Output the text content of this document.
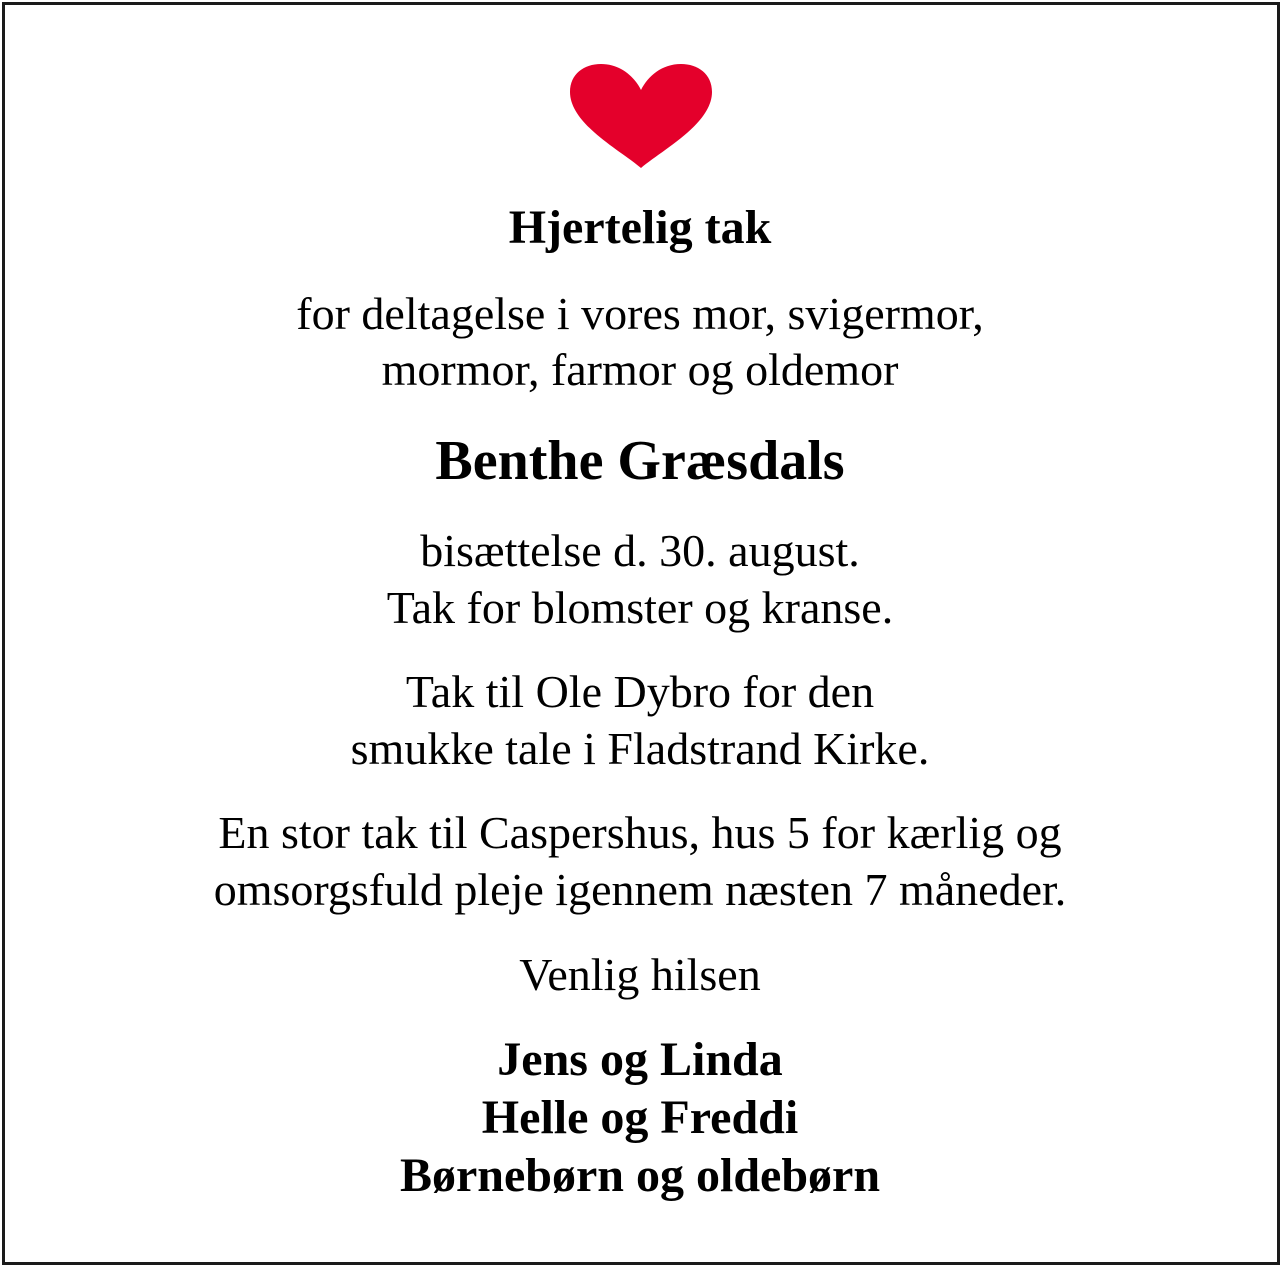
Hjertelig tak
for deltagelse i vores mor, svigermor,
mormor, farmor og oldemor
Benthe Græsdals
bisættelse d. 30. august.
Tak for blomster og kranse.
Tak til Ole Dybro for den
smukke tale i Fladstrand Kirke.
En stor tak til Caspershus, hus 5 for kærlig og
omsorgsfuld pleje igennem næsten 7 måneder.
Venlig hilsen
Jens og Linda
Helle og Freddi
Børnebørn og oldebørn
